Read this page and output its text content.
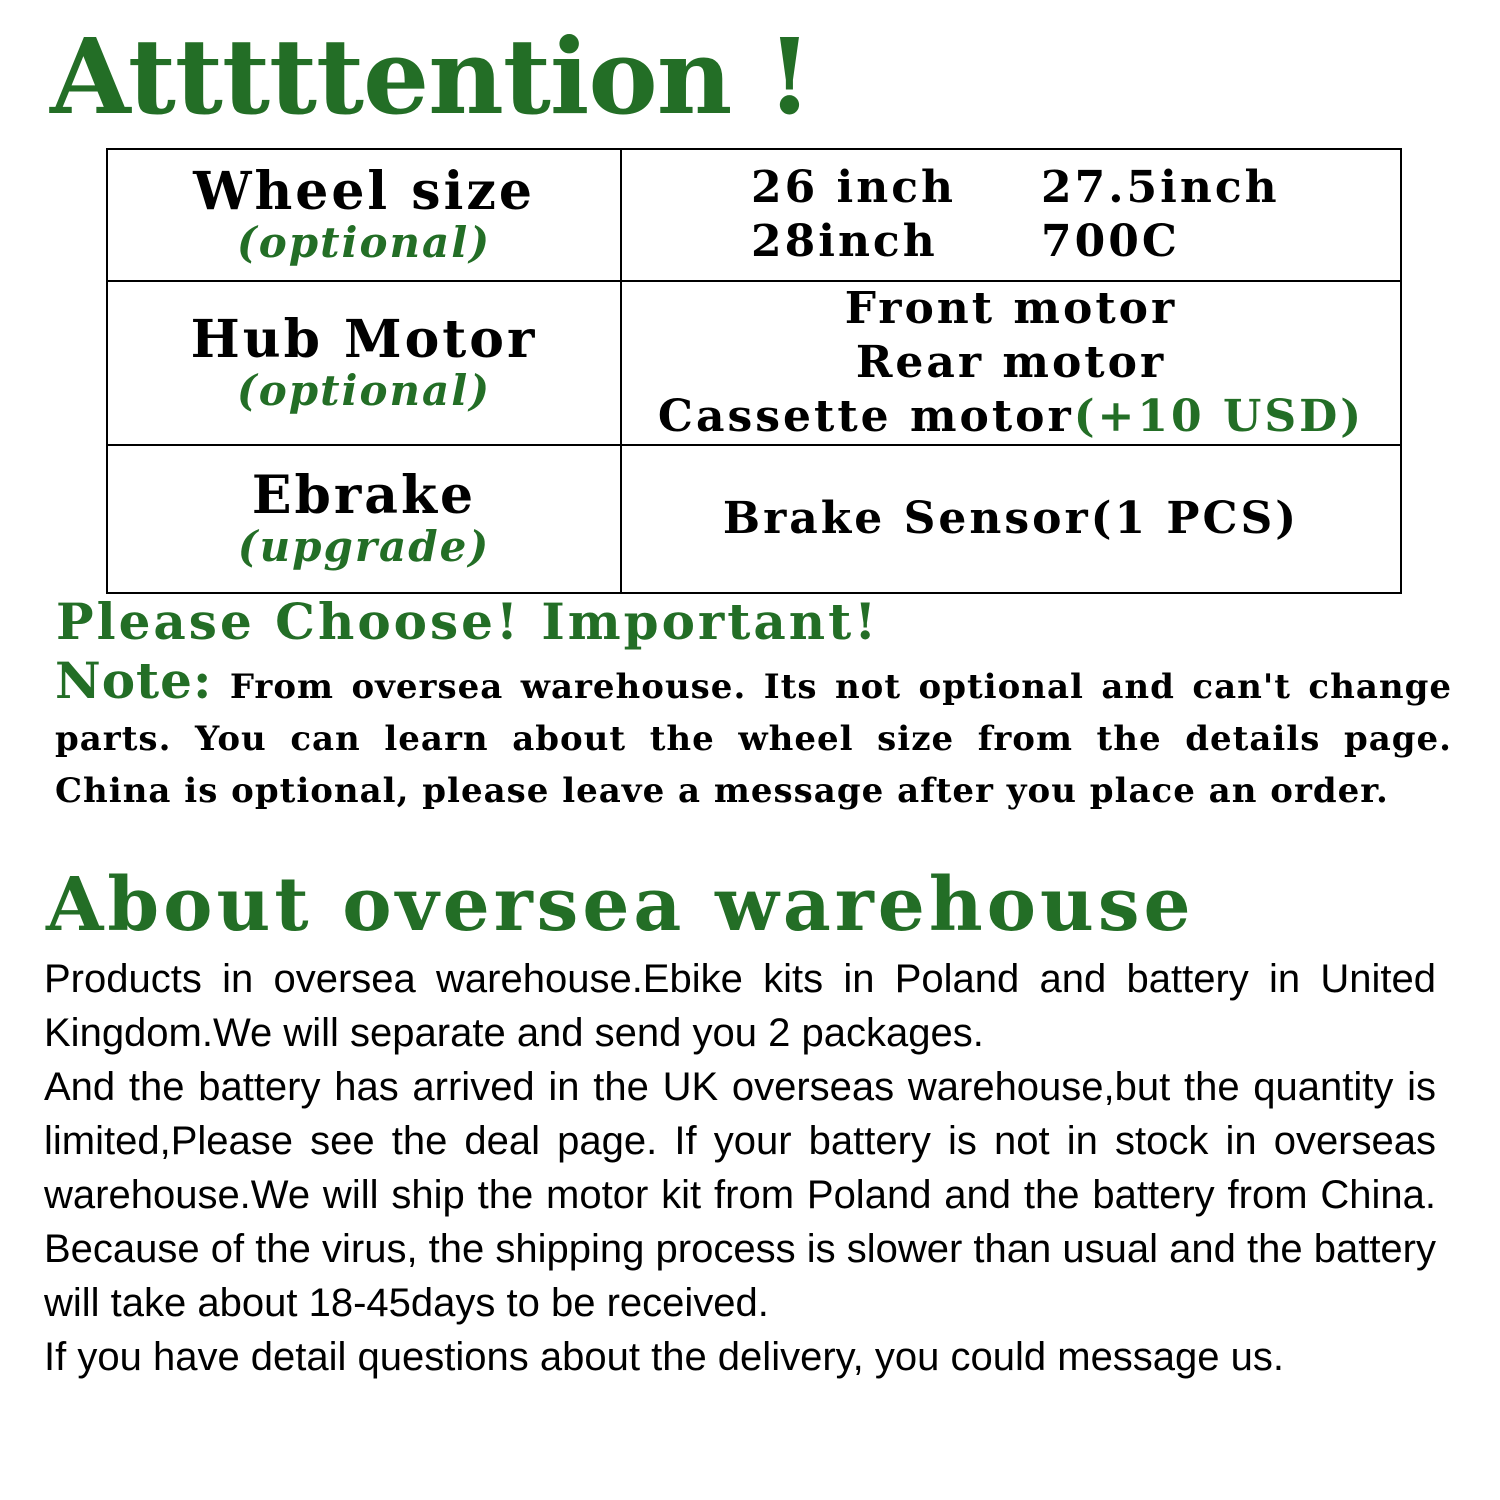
Atttttention !
Wheel size
(optional)	26 inch 27.5inch
28inch 700C

Hub Motor
(optional)	Front motor
Rear motor
Cassette motor(+10 USD)

Ebrake
(upgrade)	Brake Sensor(1 PCS)

Please Choose! Important!

Note: From oversea warehouse. Its not optional and can't change parts. You can learn about the wheel size from the details page. China is optional, please leave a message after you place an order.

About oversea warehouse

Products in oversea warehouse.Ebike kits in Poland and battery in United Kingdom.We will separate and send you 2 packages.

And the battery has arrived in the UK overseas warehouse,but the quantity is limited,Please see the deal page. If your battery is not in stock in overseas warehouse.We will ship the motor kit from Poland and the battery from China. Because of the virus, the shipping process is slower than usual and the battery will take about 18-45days to be received.

If you have detail questions about the delivery, you could message us.
